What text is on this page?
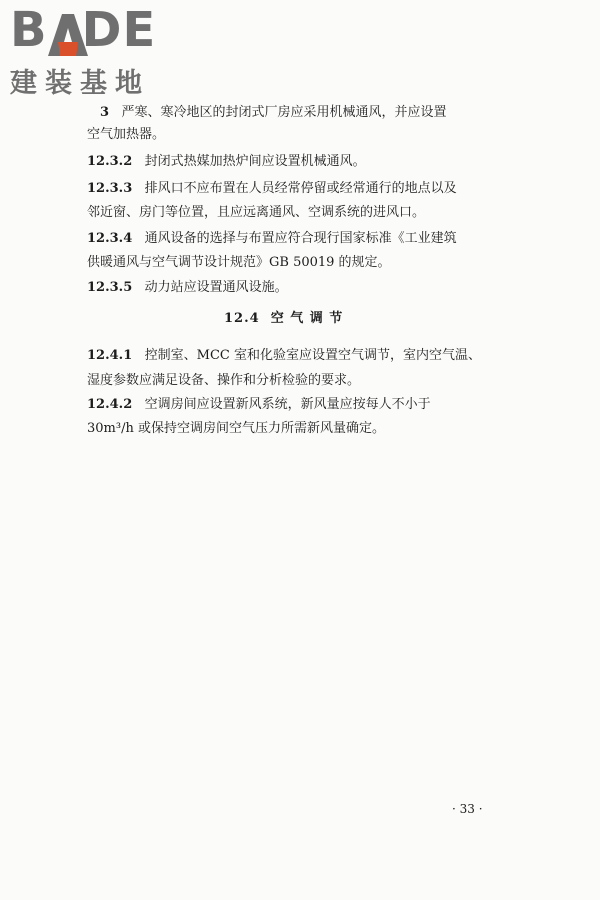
B DE
建装基地
3 严寒、寒冷地区的封闭式厂房应采用机械通风，并应设置
空气加热器。
12.3.2 封闭式热媒加热炉间应设置机械通风。
12.3.3 排风口不应布置在人员经常停留或经常通行的地点以及
邻近窗、房门等位置，且应远离通风、空调系统的进风口。
12.3.4 通风设备的选择与布置应符合现行国家标准《工业建筑
供暖通风与空气调节设计规范》GB 50019 的规定。
12.3.5 动力站应设置通风设施。
12.4 空 气 调 节
12.4.1 控制室、MCC 室和化验室应设置空气调节，室内空气温、
湿度参数应满足设备、操作和分析检验的要求。
12.4.2 空调房间应设置新风系统，新风量应按每人不小于
30m³/h 或保持空调房间空气压力所需新风量确定。
· 33 ·
